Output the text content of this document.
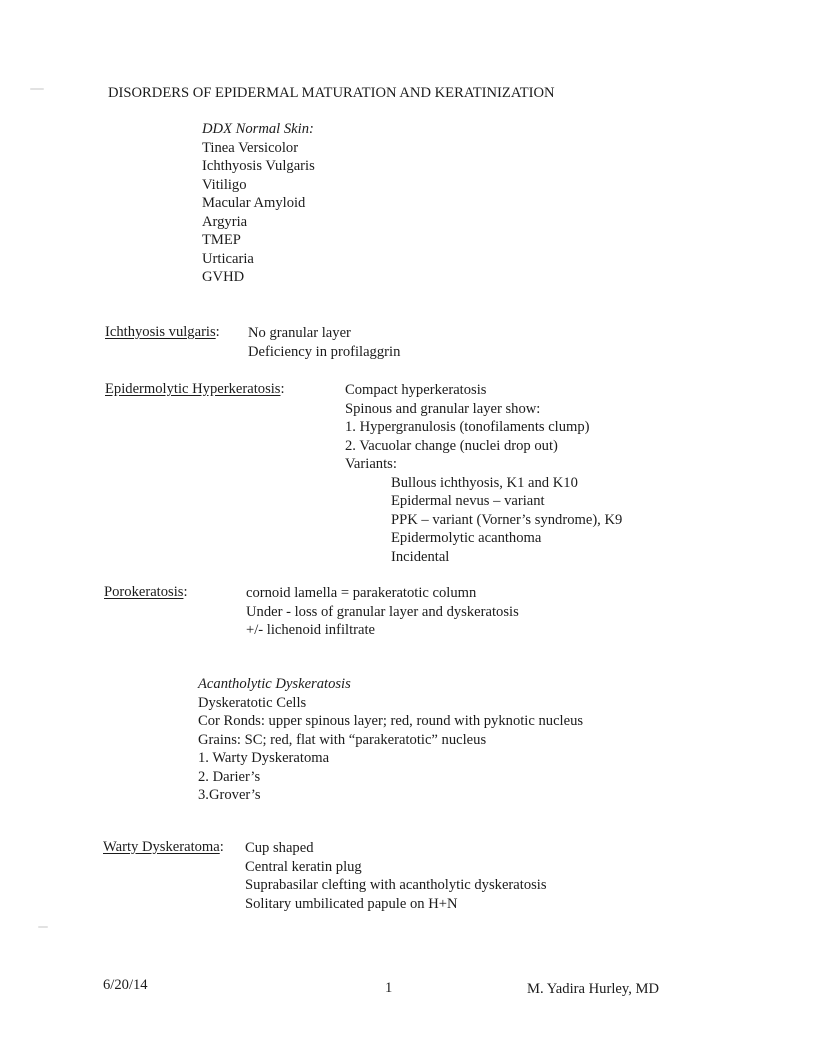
DISORDERS OF EPIDERMAL MATURATION AND KERATINIZATION
DDX Normal Skin:
Tinea Versicolor
Ichthyosis Vulgaris
Vitiligo
Macular Amyloid
Argyria
TMEP
Urticaria
GVHD
Ichthyosis vulgaris: No granular layer
Deficiency in profilaggrin
Epidermolytic Hyperkeratosis:	Compact hyperkeratosis
Spinous and granular layer show:
1. Hypergranulosis (tonofilaments clump)
2. Vacuolar change (nuclei drop out)
Variants:
Bullous ichthyosis, K1 and K10
Epidermal nevus – variant
PPK – variant (Vorner’s syndrome), K9
Epidermolytic acanthoma
Incidental
Porokeratosis:	cornoid lamella = parakeratotic column
Under - loss of granular layer and dyskeratosis
+/- lichenoid infiltrate
Acantholytic Dyskeratosis
Dyskeratotic Cells
Cor Ronds: upper spinous layer; red, round with pyknotic nucleus
Grains: SC; red, flat with “parakeratotic” nucleus
1. Warty Dyskeratoma
2. Darier’s
3.Grover’s
Warty Dyskeratoma: Cup shaped
Central keratin plug
Suprabasilar clefting with acantholytic dyskeratosis
Solitary umbilicated papule on H+N
6/20/14	1	M. Yadira Hurley, MD
